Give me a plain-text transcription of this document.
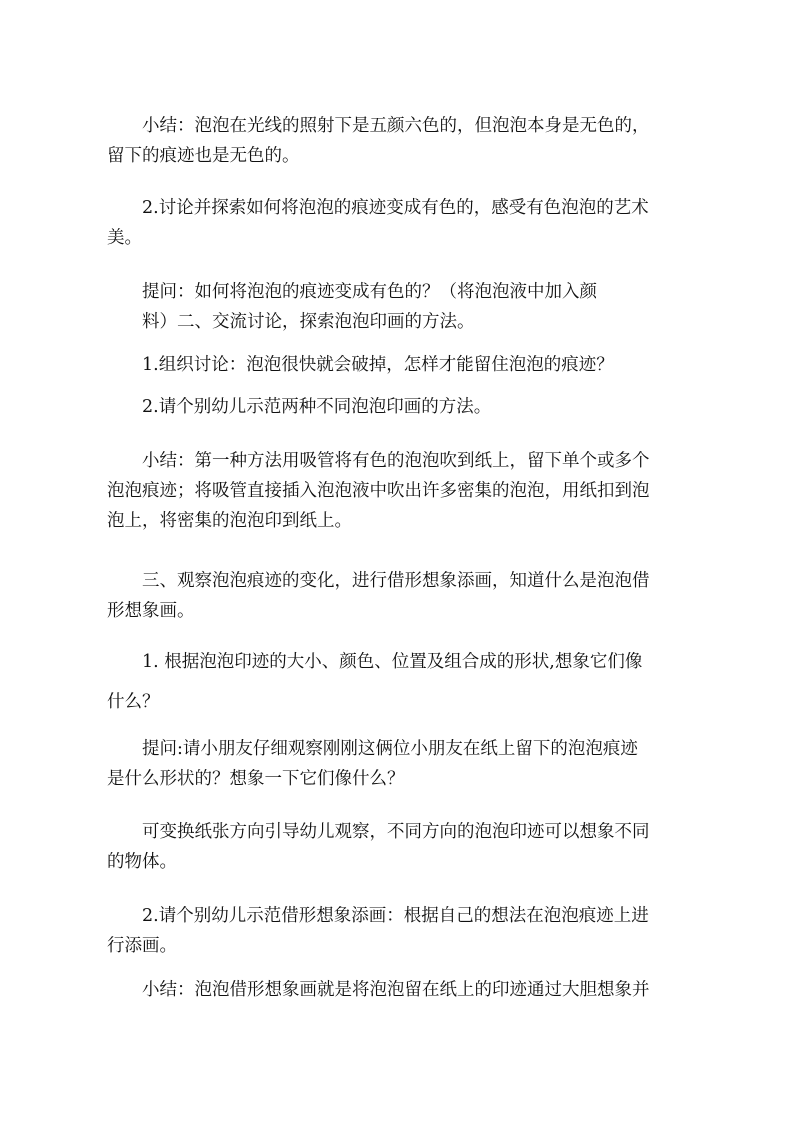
小结：泡泡在光线的照射下是五颜六色的，但泡泡本身是无色的，
留下的痕迹也是无色的。
2.讨论并探索如何将泡泡的痕迹变成有色的，感受有色泡泡的艺术
美。
提问：如何将泡泡的痕迹变成有色的？（将泡泡液中加入颜
料）二、交流讨论，探索泡泡印画的方法。
1.组织讨论：泡泡很快就会破掉，怎样才能留住泡泡的痕迹？
2.请个别幼儿示范两种不同泡泡印画的方法。
小结：第一种方法用吸管将有色的泡泡吹到纸上，留下单个或多个
泡泡痕迹；将吸管直接插入泡泡液中吹出许多密集的泡泡，用纸扣到泡
泡上，将密集的泡泡印到纸上。
三、观察泡泡痕迹的变化，进行借形想象添画，知道什么是泡泡借
形想象画。
1. 根据泡泡印迹的大小、颜色、位置及组合成的形状,想象它们像
什么？
提问:请小朋友仔细观察刚刚这俩位小朋友在纸上留下的泡泡痕迹
是什么形状的？想象一下它们像什么？
可变换纸张方向引导幼儿观察，不同方向的泡泡印迹可以想象不同
的物体。
2.请个别幼儿示范借形想象添画：根据自己的想法在泡泡痕迹上进
行添画。
小结：泡泡借形想象画就是将泡泡留在纸上的印迹通过大胆想象并
